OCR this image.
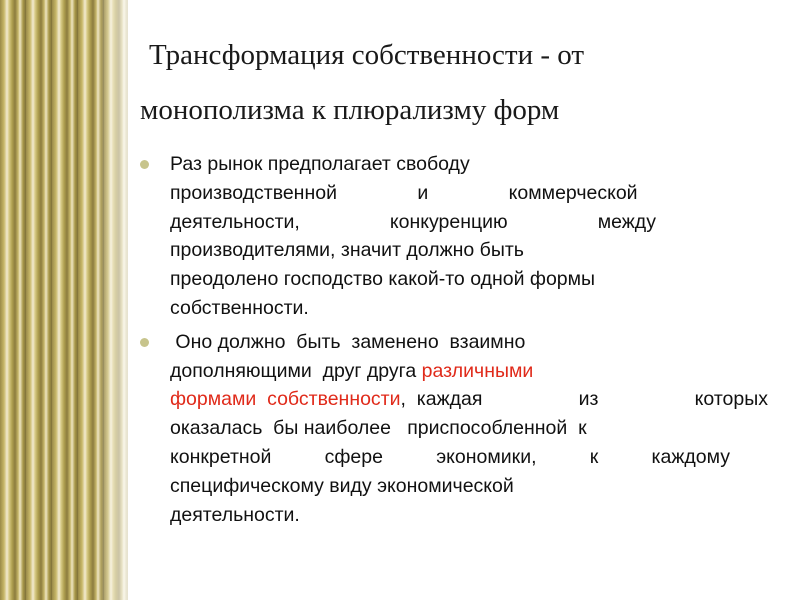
Трансформация собственности - от
монополизма к плюрализму форм
Раз рынок предполагает свободу
производственной	и	коммерческой
деятельности,	конкуренцию	между
производителями, значит должно быть
преодолено господство какой-то одной формы
собственности.
Оно должно  быть  заменено  взаимно
дополняющими  друг друга различными
формами  собственности,  каждая	из	которых
оказалась  бы наиболее приспособленной к
конкретной	сфере	экономики,	к	каждому
специфическому виду экономической
деятельности.
